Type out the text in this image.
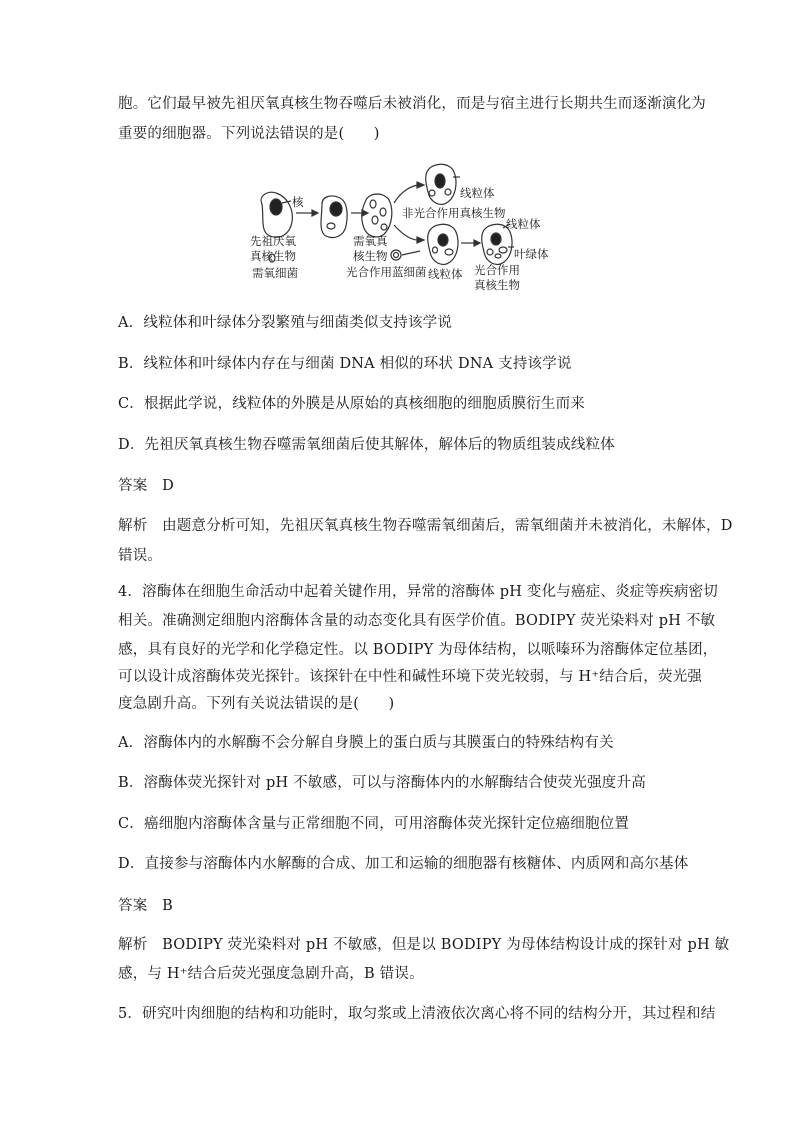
胞。它们最早被先祖厌氧真核生物吞噬后未被消化，而是与宿主进行长期共生而逐渐演化为
重要的细胞器。下列说法错误的是(　　)
核
先祖厌氧
真核生物
需氧细菌
需氧真
核生物
光合作用蓝细菌
线粒体
非光合作用真核生物
线粒体
叶绿体
线粒体 光合作用
真核生物
A．线粒体和叶绿体分裂繁殖与细菌类似支持该学说
B．线粒体和叶绿体内存在与细菌 DNA 相似的环状 DNA 支持该学说
C．根据此学说，线粒体的外膜是从原始的真核细胞的细胞质膜衍生而来
D．先祖厌氧真核生物吞噬需氧细菌后使其解体，解体后的物质组装成线粒体
答案　D
解析　由题意分析可知，先祖厌氧真核生物吞噬需氧细菌后，需氧细菌并未被消化，未解体，D
错误。
4．溶酶体在细胞生命活动中起着关键作用，异常的溶酶体 pH 变化与癌症、炎症等疾病密切
相关。准确测定细胞内溶酶体含量的动态变化具有医学价值。BODIPY 荧光染料对 pH 不敏
感，具有良好的光学和化学稳定性。以 BODIPY 为母体结构，以哌嗪环为溶酶体定位基团，
可以设计成溶酶体荧光探针。该探针在中性和碱性环境下荧光较弱，与 H⁺结合后，荧光强
度急剧升高。下列有关说法错误的是(　　)
A．溶酶体内的水解酶不会分解自身膜上的蛋白质与其膜蛋白的特殊结构有关
B．溶酶体荧光探针对 pH 不敏感，可以与溶酶体内的水解酶结合使荧光强度升高
C．癌细胞内溶酶体含量与正常细胞不同，可用溶酶体荧光探针定位癌细胞位置
D．直接参与溶酶体内水解酶的合成、加工和运输的细胞器有核糖体、内质网和高尔基体
答案　B
解析　BODIPY 荧光染料对 pH 不敏感，但是以 BODIPY 为母体结构设计成的探针对 pH 敏
感，与 H⁺结合后荧光强度急剧升高，B 错误。
5．研究叶肉细胞的结构和功能时，取匀浆或上清液依次离心将不同的结构分开，其过程和结
